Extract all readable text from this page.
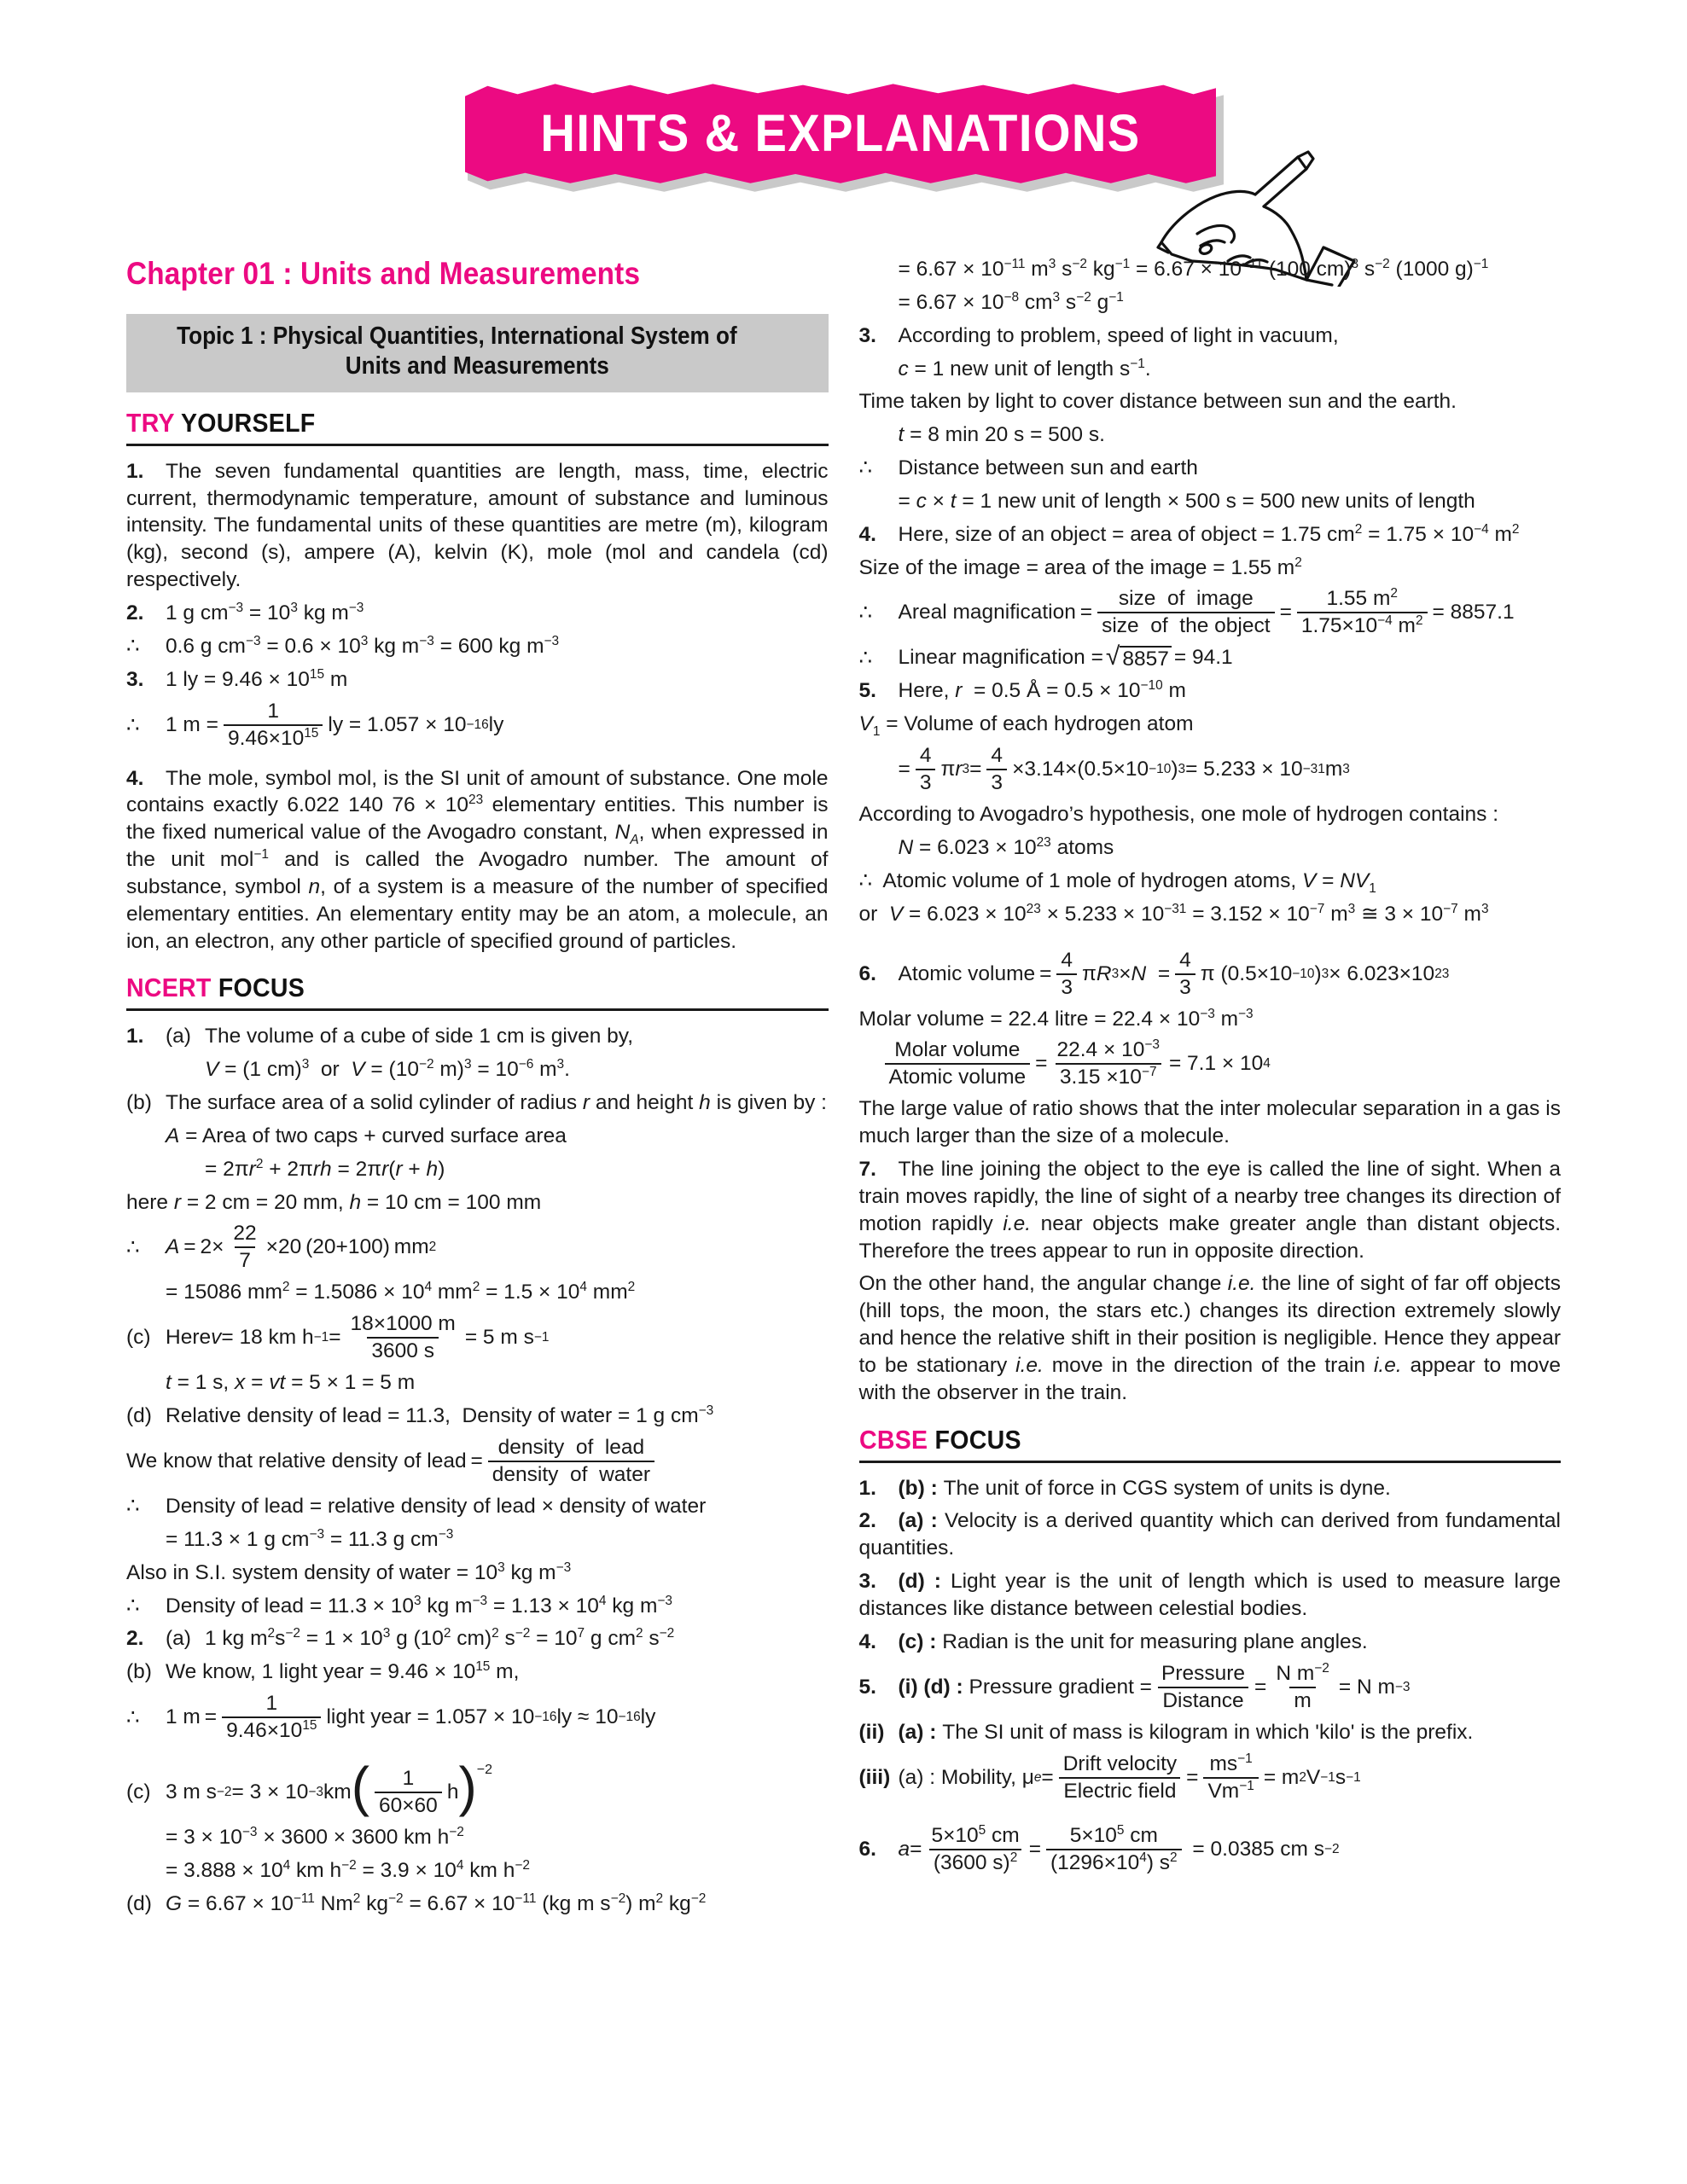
HINTS & EXPLANATIONS
Chapter 01 : Units and Measurements
Topic 1 : Physical Quantities, International System of
Units and Measurements
TRY YOURSELF
1. The seven fundamental quantities are length, mass, time, electric current, thermodynamic temperature, amount of substance and luminous intensity. The fundamental units of these quantities are metre (m), kilogram (kg), second (s), ampere (A), kelvin (K), mole (mol and candela (cd) respectively.
2. 1 g $cm^{-3} = 10^3$ kg $m^{-3}$
∴ 0.6 g $cm^{-3} = 0.6 \times 10^3$ kg $m^{-3} = 600$ kg $m^{-3}$
3. 1 ly = $9.46 \times 10^{15}$ m
∴	1 $m = \frac{1}{9.46\times 10^{15}}$ ly = 1.057 × 10 −16 ly
4. The mole, symbol mol, is the SI unit of amount of substance. One mole contains exactly 6.022 140 $76 \times 10^{23}$ elementary entities. This number is the fixed numerical value of the Avogadro constant, $N_A$, when expressed in the unit mol$^{-1}$ and is called the Avogadro number. The amount of substance, symbol n, of a system is a measure of the number of specified elementary entities. An elementary entity may be an atom, a molecule, an ion, an electron, any other particle of specified ground of particles.
NCERT FOCUS
1.	(a) The volume of a cube of side 1 cm is given by,
V = (1 cm)$^3$  or  $V = (10^{-2}$ $m)^3 = 10^{-6}$ $m^3$.
(b) The surface area of a solid cylinder of radius r and height h is given by :
A = Area of two caps + curved surface area
= $2\pi r^2 + 2\pi rh = 2\pi r(r + h)$
here r = 2 cm = 20 mm, h = 10 cm = 100 mm
∴	$A = 2\times \frac{22}{7} \times 20$ (20+100) mm 2
= 15086 $mm^2 = 1.5086 \times 10^4$ $mm^2 = 1.5 \times 10^4$ $mm^2$
(c) Here v = 18 km $h -1 = \frac{18\times 1000 m}{3600 s} = 5$ m s −1
t = 1 s, x = vt = 5 × 1 = 5 m
(d) Relative density of lead = 11.3,  Density of water = 1 g $cm^{-3}$
We know that relative density of lead = $\frac{\text{density  of  lead}}{\text{density  of  water}}$
∴	Density of lead = relative density of lead × density of water
= 11.3 × 1 g $cm^{-3} = 11.3$ g $cm^{-3}$
Also in S.I. system density of water = $10^3$ kg $m^{-3}$
∴	Density of lead = $11.3 \times 10^3$ kg $m^{-3} = 1.13 \times 10^4$ kg $m^{-3}$
2.	(a) 1 kg $m^2s^{-2} = 1 \times 10^3$ g ($10^2$ cm)$^2$ $s^{-2} = 10^7$ g $cm^2$ $s^{-2}$
(b) We know, 1 light year = $9.46 \times 10^{15}$ m,
∴	1 $m = \frac{1}{9.46\times 10^{15}}$ light year = 1.057 × 10 −16 ly ≈ 10 −16 ly
(c) 3 m s −2 = 3 × 10 −3 km ( $\frac{1}{60\times 60}$ h ) −2
= $3 \times 10^{-3} \times 3600 \times 3600$ km $h^{-2}$
= $3.888 \times 10^4$ km $h^{-2} = 3.9 \times 10^4$ km $h^{-2}$
(d) $G = 6.67 \times 10^{-11}$ Nm$^2$ $kg^{-2} = 6.67 \times 10^{-11}$ (kg m $s^{-2}$) $m^2$ $kg^{-2}$
= $6.67 \times 10^{-11}$ $m^3$ $s^{-2}$ $kg^{-1} = 6.67 \times 10^{-11}$ (100 cm)$^3$ $s^{-2}$ (1000 g)$^{-1}$
= $6.67 \times 10^{-8}$ $cm^3$ $s^{-2}$ $g^{-1}$
3.	According to problem, speed of light in vacuum,
c = 1 new unit of length $s^{-1}$.
Time taken by light to cover distance between sun and the earth.
t = 8 min 20 s = 500 s.
∴	Distance between sun and earth
= c × t = 1 new unit of length × 500 s = 500 new units of length
4.	Here, size of an object = area of object = 1.75 $cm^2 = 1.75 \times 10^{-4}$ $m^2$
Size of the image = area of the image = 1.55 $m^2$
∴	Areal magnification = $\frac{\text{size  of  image}}{\text{size  of  the object}} = \frac{1.55 m^2}{1.75\times 10^{-4} m^2} = 8857.1$
∴	Linear magnification = √ 8857 = 94.1
5.	Here, r  = 0.5 Å = $0.5 \times 10^{-10}$ m
$V_1$ = Volume of each hydrogen atom
= $\frac{4}{3}$ π r $3 = \frac{4}{3} \times 3.14\times(0.5\times 10 -10$ ) 3 = 5.233 × 10 −31 m 3
According to Avogadro’s hypothesis, one mole of hydrogen contains :
$N = 6.023 \times 10^{23}$ atoms
∴  Atomic volume of 1 mole of hydrogen atoms, $V = NV_1$
or  $V = 6.023 \times 10^{23} \times 5.233 \times 10^{-31} = 3.152 \times 10^{-7}$ $m^3$ ≅ $3 \times 10^{-7}$ $m^3$
6.	Atomic volume = $\frac{4}{3}$ π R $3 \times N = \frac{4}{3}$ π (0.5×10 −10 ) 3 × 6.023×10 23
Molar volume = 22.4 litre = $22.4 \times 10^{-3}$ $m^{-3}$
$\frac{\text{Molar volume}}{\text{Atomic volume}} = \frac{22.4 \times 10^{-3}}{3.15 \times 10^{-7}} = 7.1 \times 10$ 4
The large value of ratio shows that the inter molecular separation in a gas is much larger than the size of a molecule.
7. The line joining the object to the eye is called the line of sight. When a train moves rapidly, the line of sight of a nearby tree changes its direction of motion rapidly i.e. near objects make greater angle than distant objects. Therefore the trees appear to run in opposite direction.
On the other hand, the angular change i.e. the line of sight of far off objects (hill tops, the moon, the stars etc.) changes its direction extremely slowly and hence the relative shift in their position is negligible. Hence they appear to be stationary i.e. move in the direction of the train i.e. appear to move with the observer in the train.
CBSE FOCUS
1. (b) : The unit of force in CGS system of units is dyne.
2. (a) : Velocity is a derived quantity which can derived from fundamental quantities.
3. (d) : Light year is the unit of length which is used to measure large distances like distance between celestial bodies.
4. (c) : Radian is the unit for measuring plane angles.
5.	(i) (d) : Pressure gradient = $\frac{\text{Pressure}}{\text{Distance}} = \frac{N m^{-2}}{m} = N$ m −3
(ii) (a) : The SI unit of mass is kilogram in which 'kilo' is the prefix.
(iii) (a) : Mobility, μ $e = \frac{\text{Drift velocity}}{\text{Electric field}} = \frac{ms^{-1}}{Vm^{-1}} = m$ 2 V −1 s −1
6.	$a = \frac{5\times 10^5 cm}{(3600 s)^2} = \frac{5\times 10^5 cm}{(1296\times 10^4) s^2} = 0.0385$ cm s −2
